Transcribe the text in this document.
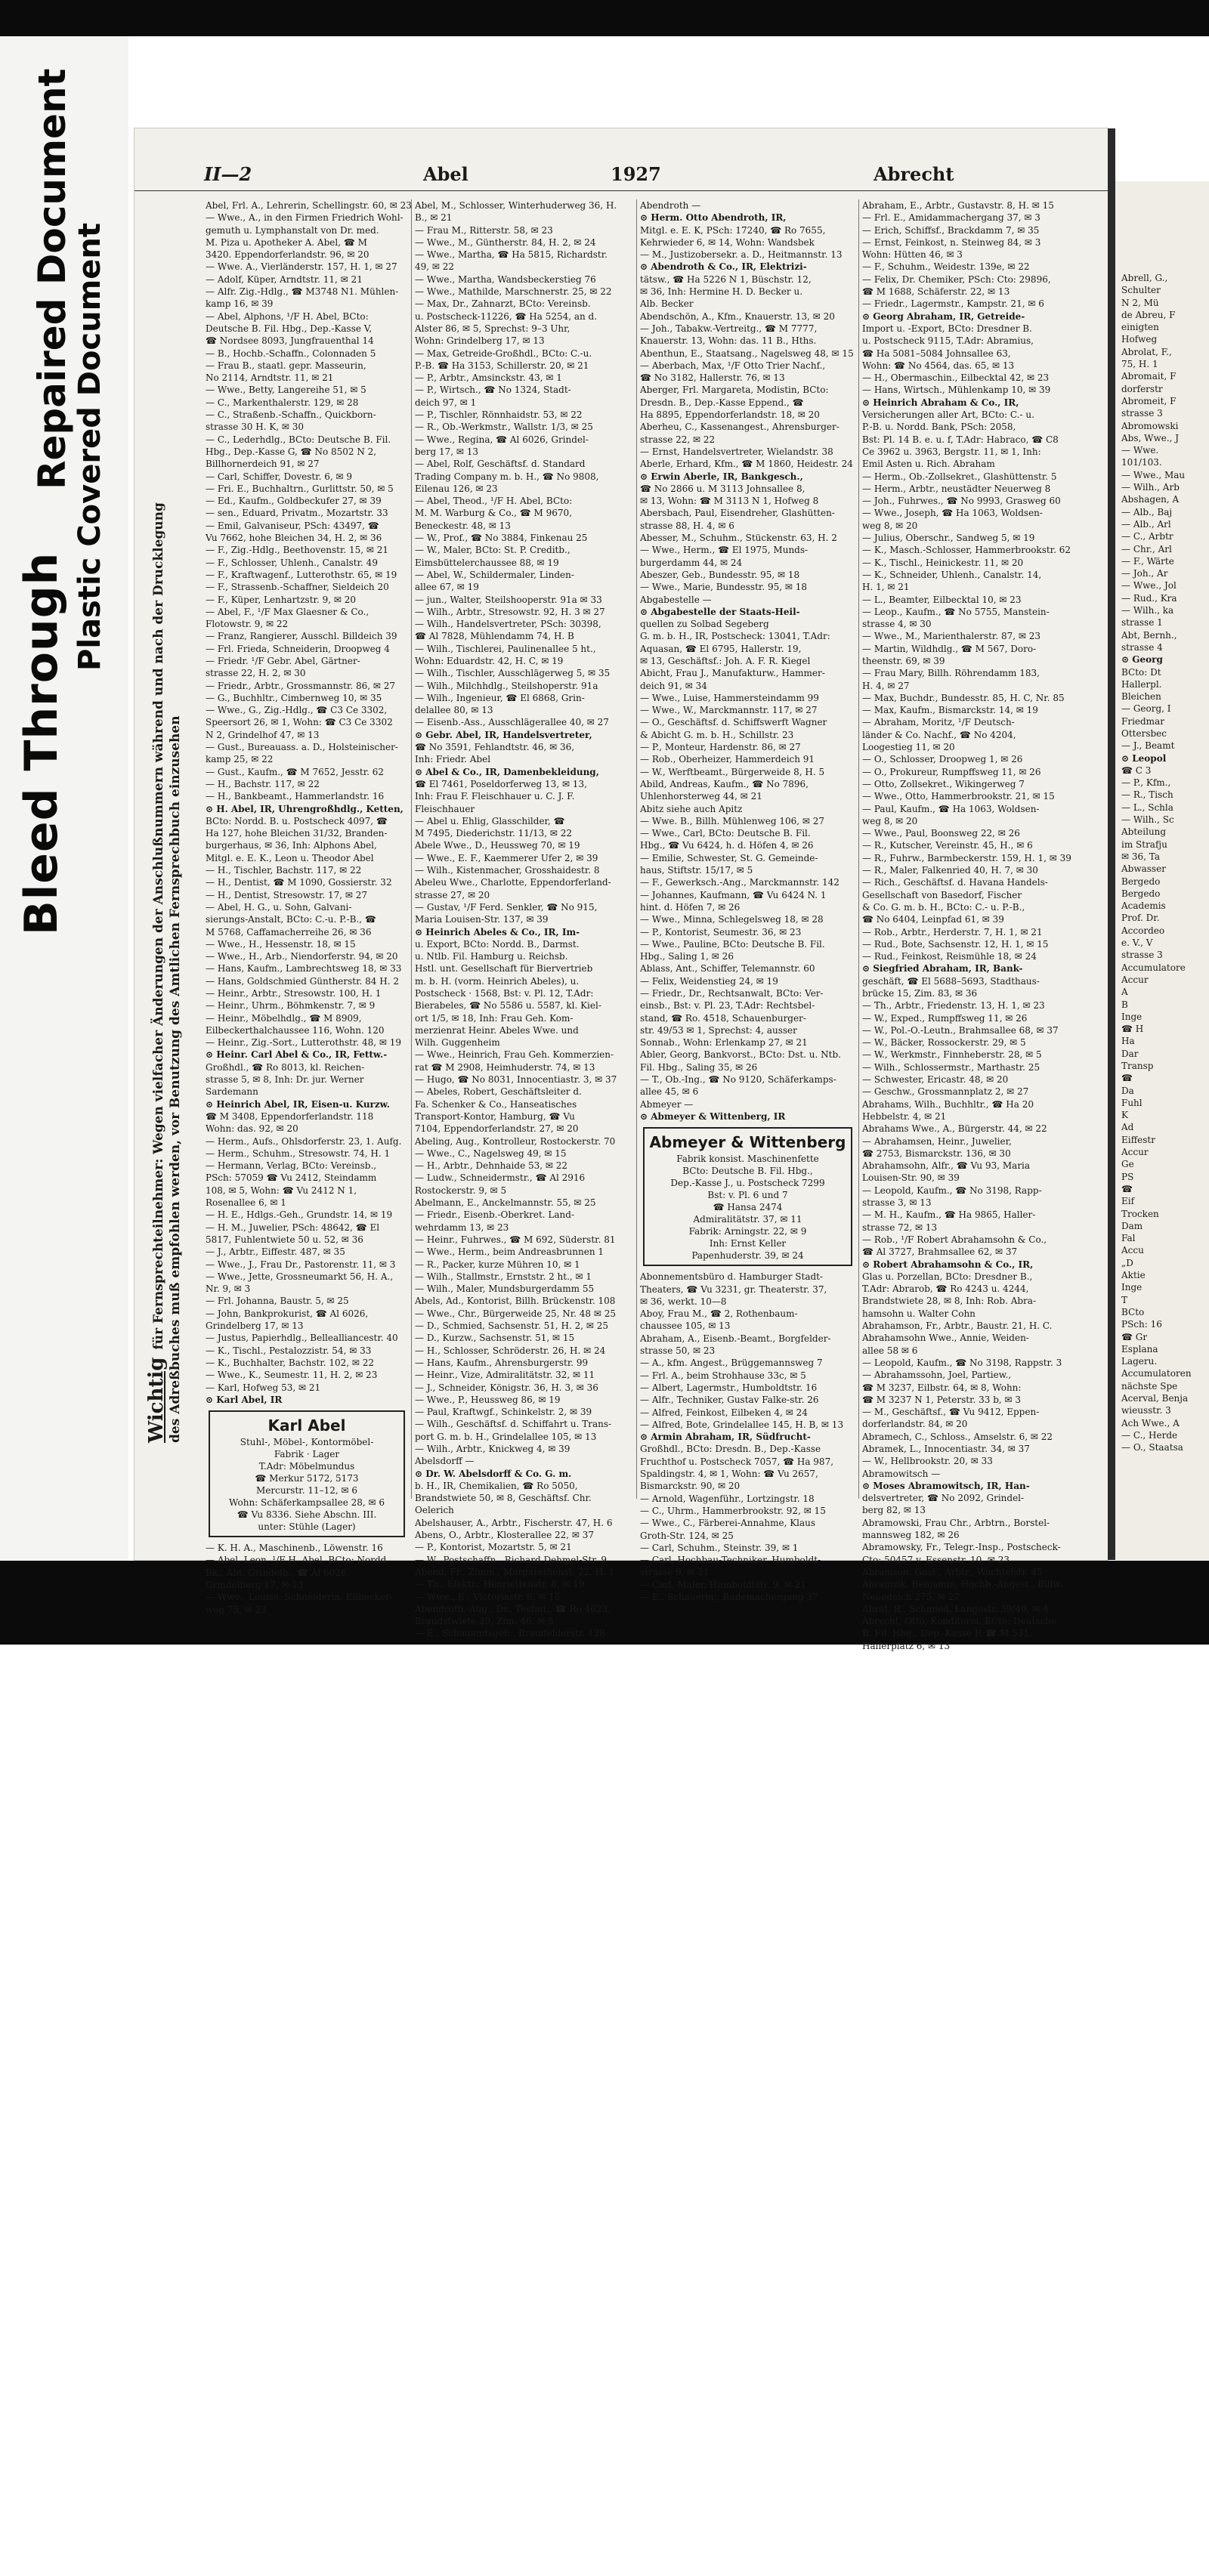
Bleed Through
Repaired Document
Plastic Covered Document
II—2	Abel	1927	Abrecht
Wichtigfür Fernsprechteilnehmer: Wegen vielfacher Änderungen der Anschlußnummern während und nach der Drucklegung des Adreßbuches muß empfohlen werden, vor Benutzung des Amtlichen Fernsprechbuch einzusehen
Abel, Frl. A., Lehrerin, Schellingstr. 60, ✉ 23
— Wwe., A., in den Firmen Friedrich Wohl-
gemuth u. Lymphanstalt von Dr. med.
M. Piza u. Apotheker A. Abel, ☎ M
3420. Eppendorferlandstr. 96, ✉ 20
— Wwe. A., Vierländerstr. 157, H. 1, ✉ 27
— Adolf, Küper, Arndtstr. 11, ✉ 21
— Alfr. Zig.-Hdlg., ☎ M3748 N1. Mühlen-
kamp 16, ✉ 39
— Abel, Alphons, ¹/F H. Abel, BCto:
Deutsche B. Fil. Hbg., Dep.-Kasse V,
☎ Nordsee 8093, Jungfrauenthal 14
— B., Hochb.-Schaffn., Colonnaden 5
— Frau B., staatl. gepr. Masseurin,
No 2114, Arndtstr. 11, ✉ 21
— Wwe., Betty, Langereihe 51, ✉ 5
— C., Markenthalerstr. 129, ✉ 28
— C., Straßenb.-Schaffn., Quickborn-
strasse 30 H. K, ✉ 30
— C., Lederhdlg., BCto: Deutsche B. Fil.
Hbg., Dep.-Kasse G, ☎ No 8502 N 2,
Billhornerdeich 91, ✉ 27
— Carl, Schiffer, Dovestr. 6, ✉ 9
— Fri. E., Buchhaltrn., Gurlittstr. 50, ✉ 5
— Ed., Kaufm., Goldbeckufer 27, ✉ 39
— sen., Eduard, Privatm., Mozartstr. 33
— Emil, Galvaniseur, PSch: 43497, ☎
Vu 7662, hohe Bleichen 34, H. 2, ✉ 36
— F., Zig.-Hdlg., Beethovenstr. 15, ✉ 21
— F., Schlosser, Uhlenh., Canalstr. 49
— F., Kraftwagenf., Lutterothstr. 65, ✉ 19
— F., Strassenb.-Schaffner, Sieldeich 20
— F., Küper, Lenhartzstr. 9, ✉ 20
— Abel, F., ¹/F Max Glaesner & Co.,
Flotowstr. 9, ✉ 22
— Franz, Rangierer, Ausschl. Billdeich 39
— Frl. Frieda, Schneiderin, Droopweg 4
— Friedr. ¹/F Gebr. Abel, Gärtner-
strasse 22, H. 2, ✉ 30
— Friedr., Arbtr., Grossmannstr. 86, ✉ 27
— G., Buchhltr., Cimbernweg 10, ✉ 35
— Wwe., G., Zig.-Hdlg., ☎ C3 Ce 3302,
Speersort 26, ✉ 1, Wohn: ☎ C3 Ce 3302
N 2, Grindelhof 47, ✉ 13
— Gust., Bureauass. a. D., Holsteinischer-
kamp 25, ✉ 22
— Gust., Kaufm., ☎ M 7652, Jesstr. 62
— H., Bachstr. 117, ✉ 22
— H., Bankbeamt., Hammerlandstr. 16
⊙ H. Abel, IR, Uhrengroßhdlg., Ketten,
BCto: Nordd. B. u. Postscheck 4097, ☎
Ha 127, hohe Bleichen 31/32, Branden-
burgerhaus, ✉ 36, Inh: Alphons Abel,
Mitgl. e. E. K., Leon u. Theodor Abel
— H., Tischler, Bachstr. 117, ✉ 22
— H., Dentist, ☎ M 1090, Gossierstr. 32
— H., Dentist, Stresowstr. 17, ✉ 27
— Abel, H. G., u. Sohn, Galvani-
sierungs-Anstalt, BCto: C.-u. P.-B., ☎
M 5768, Caffamacherreihe 26, ✉ 36
— Wwe., H., Hessenstr. 18, ✉ 15
— Wwe., H., Arb., Niendorferstr. 94, ✉ 20
— Hans, Kaufm., Lambrechtsweg 18, ✉ 33
— Hans, Goldschmied Güntherstr. 84 H. 2
— Heinr., Arbtr., Stresowstr. 100, H. 1
— Heinr., Uhrm., Böhmkenstr. 7, ✉ 9
— Heinr., Möbelhdlg., ☎ M 8909,
Eilbeckerthalchaussee 116, Wohn. 120
— Heinr., Zig.-Sort., Lutterothstr. 48, ✉ 19
⊙ Heinr. Carl Abel & Co., IR, Fettw.-
Großhdl., ☎ Ro 8013, kl. Reichen-
strasse 5, ✉ 8, Inh: Dr. jur. Werner
Sardemann
⊙ Heinrich Abel, IR, Eisen-u. Kurzw.
☎ M 3408, Eppendorferlandstr. 118
Wohn: das. 92, ✉ 20
— Herm., Aufs., Ohlsdorferstr. 23, 1. Aufg.
— Herm., Schuhm., Stresowstr. 74, H. 1
— Hermann, Verlag, BCto: Vereinsb.,
PSch: 57059 ☎ Vu 2412, Steindamm
108, ✉ 5, Wohn: ☎ Vu 2412 N 1,
Rosenallee 6, ✉ 1
— H. E., Hdlgs.-Geh., Grundstr. 14, ✉ 19
— H. M., Juwelier, PSch: 48642, ☎ El
5817, Fuhlentwiete 50 u. 52, ✉ 36
— J., Arbtr., Eiffestr. 487, ✉ 35
— Wwe., J., Frau Dr., Pastorenstr. 11, ✉ 3
— Wwe., Jette, Grossneumarkt 56, H. A.,
Nr. 9, ✉ 3
— Frl. Johanna, Baustr. 5, ✉ 25
— John, Bankprokurist, ☎ Al 6026,
Grindelberg 17, ✉ 13
— Justus, Papierhdlg., Bellealliancestr. 40
— K., Tischl., Pestalozzistr. 54, ✉ 33
— K., Buchhalter, Bachstr. 102, ✉ 22
— Wwe., K., Seumestr. 11, H. 2, ✉ 23
— Karl, Hofweg 53, ✉ 21
⊙ Karl Abel, IR
Karl Abel
Stuhl-, Möbel-, Kontormöbel-
Fabrik · Lager
T.Adr: Möbelmundus
☎ Merkur 5172, 5173
Mercurstr. 11–12, ✉ 6
Wohn: Schäferkampsallee 28, ✉ 6
☎ Vu 8336. Siehe Abschn. III.
unter: Stühle (Lager)
— K. H. A., Maschinenb., Löwenstr. 16
— Abel, Leon, ¹/F H. Abel, BCto: Nordd.
Bk., Abt. Grindelb., ☎ Al 6026,
Grindelberg 17, ✉ 13
— Wwe., Louise, Schneiderin, Eilbecker-
weg 75, ✉ 23
Abel, M., Schlosser, Winterhuderweg 36, H.
B., ✉ 21
— Frau M., Ritterstr. 58, ✉ 23
— Wwe., M., Güntherstr. 84, H. 2, ✉ 24
— Wwe., Martha, ☎ Ha 5815, Richardstr.
49, ✉ 22
— Wwe., Martha, Wandsbeckerstieg 76
— Wwe., Mathilde, Marschnerstr. 25, ✉ 22
— Max, Dr., Zahnarzt, BCto: Vereinsb.
u. Postscheck-11226, ☎ Ha 5254, an d.
Alster 86, ✉ 5, Sprechst: 9–3 Uhr,
Wohn: Grindelberg 17, ✉ 13
— Max, Getreide-Großhdl., BCto: C.-u.
P.-B. ☎ Ha 3153, Schillerstr. 20, ✉ 21
— P., Arbtr., Amsinckstr. 43, ✉ 1
— P., Wirtsch., ☎ No 1324, Stadt-
deich 97, ✉ 1
— P., Tischler, Rönnhaidstr. 53, ✉ 22
— R., Ob.-Werkmstr., Wallstr. 1/3, ✉ 25
— Wwe., Regina, ☎ Al 6026, Grindel-
berg 17, ✉ 13
— Abel, Rolf, Geschäftsf. d. Standard
Trading Company m. b. H., ☎ No 9808,
Eilenau 126, ✉ 23
— Abel, Theod., ¹/F H. Abel, BCto:
M. M. Warburg & Co., ☎ M 9670,
Beneckestr. 48, ✉ 13
— W., Prof., ☎ No 3884, Finkenau 25
— W., Maler, BCto: St. P. Creditb.,
Eimsbüttelerchaussee 88, ✉ 19
— Abel, W., Schildermaler, Linden-
allee 67, ✉ 19
— jun., Walter, Steilshooperstr. 91a ✉ 33
— Wilh., Arbtr., Stresowstr. 92, H. 3 ✉ 27
— Wilh., Handelsvertreter, PSch: 30398,
☎ Al 7828, Mühlendamm 74, H. B
— Wilh., Tischlerei, Paulinenallee 5 ht.,
Wohn: Eduardstr. 42, H. C, ✉ 19
— Wilh., Tischler, Ausschlägerweg 5, ✉ 35
— Wilh., Milchhdlg., Steilshoperstr. 91a
— Wilh., Ingenieur, ☎ El 6868, Grin-
delallee 80, ✉ 13
— Eisenb.-Ass., Ausschlägerallee 40, ✉ 27
⊙ Gebr. Abel, IR, Handelsvertreter,
☎ No 3591, Fehlandtstr. 46, ✉ 36,
Inh: Friedr. Abel
⊙ Abel & Co., IR, Damenbekleidung,
☎ El 7461, Poseldorferweg 13, ✉ 13,
Inh: Frau F. Fleischhauer u. C. J. F.
Fleischhauer
— Abel u. Ehlig, Glasschilder, ☎
M 7495, Diederichstr. 11/13, ✉ 22
Abele Wwe., D., Heussweg 70, ✉ 19
— Wwe., E. F., Kaemmerer Ufer 2, ✉ 39
— Wilh., Kistenmacher, Grosshaidestr. 8
Abeleu Wwe., Charlotte, Eppendorferland-
strasse 27, ✉ 20
— Gustav, ¹/F Ferd. Senkler, ☎ No 915,
Maria Louisen-Str. 137, ✉ 39
⊙ Heinrich Abeles & Co., IR, Im-
u. Export, BCto: Nordd. B., Darmst.
u. Ntlb. Fil. Hamburg u. Reichsb.
Hstl. unt. Gesellschaft für Biervertrieb
m. b. H. (vorm. Heinrich Abeles), u.
Postscheck · 1568, Bst: v. Pl. 12, T.Adr:
Bierabeles, ☎ No 5586 u. 5587, kl. Kiel-
ort 1/5, ✉ 18, Inh: Frau Geh. Kom-
merzienrat Heinr. Abeles Wwe. und
Wilh. Guggenheim
— Wwe., Heinrich, Frau Geh. Kommerzien-
rat ☎ M 2908, Heimhuderstr. 74, ✉ 13
— Hugo, ☎ No 8031, Innocentiastr. 3, ✉ 37
— Abeles, Robert, Geschäftsleiter d.
Fa. Schenker & Co., Hanseatisches
Transport-Kontor, Hamburg, ☎ Vu
7104, Eppendorferlandstr. 27, ✉ 20
Abeling, Aug., Kontrolleur, Rostockerstr. 70
— Wwe., C., Nagelsweg 49, ✉ 15
— H., Arbtr., Dehnhaide 53, ✉ 22
— Ludw., Schneidermstr., ☎ Al 2916
Rostockerstr. 9, ✉ 5
Abelmann, E., Anckelmannstr. 55, ✉ 25
— Friedr., Eisenb.-Oberkret. Land-
wehrdamm 13, ✉ 23
— Heinr., Fuhrwes., ☎ M 692, Süderstr. 81
— Wwe., Herm., beim Andreasbrunnen 1
— R., Packer, kurze Mühren 10, ✉ 1
— Wilh., Stallmstr., Ernststr. 2 ht., ✉ 1
— Wilh., Maler, Mundsburgerdamm 55
Abels, Ad., Kontorist, Billh. Brückenstr. 108
— Wwe., Chr., Bürgerweide 25, Nr. 48 ✉ 25
— D., Schmied, Sachsenstr. 51, H. 2, ✉ 25
— D., Kurzw., Sachsenstr. 51, ✉ 15
— H., Schlosser, Schröderstr. 26, H. ✉ 24
— Hans, Kaufm., Ahrensburgerstr. 99
— Heinr., Vize, Admiralitätstr. 32, ✉ 11
— J., Schneider, Königstr. 36, H. 3, ✉ 36
— Wwe., P., Heussweg 86, ✉ 19
— Paul, Kraftwgf., Schinkelstr. 2, ✉ 39
— Wilh., Geschäftsf. d. Schiffahrt u. Trans-
port G. m. b. H., Grindelallee 105, ✉ 13
— Wilh., Arbtr., Knickweg 4, ✉ 39
Abelsdorff —
⊙ Dr. W. Abelsdorff & Co. G. m.
b. H., IR, Chemikalien, ☎ Ro 5050,
Brandstwiete 50, ✉ 8, Geschäftsf. Chr.
Oelerich
Abelshauser, A., Arbtr., Fischerstr. 47, H. 6
Abens, O., Arbtr., Klosterallee 22, ✉ 37
— P., Kontorist, Mozartstr. 5, ✉ 21
— W., Postschaffn., Richard Dehmel-Str. 9
Abend, Fr., Zimm., Margarethenst. 22, H. 1
— Th., Elektr., Henriettenstr. 8, ✉ 19
— Wwe., E., Victoriastr. 6, ✉ 15
Abendroth, Aug., Dr., Testmt., ☎ Ro 4623,
Brandstwiete 29, Zim. 46, ✉ 8
— E., Schauamtsgeh., Bramfelderstr. 128
Abendroth —
⊙ Herm. Otto Abendroth, IR,
Mitgl. e. E. K, PSch: 17240, ☎ Ro 7655,
Kehrwieder 6, ✉ 14, Wohn: Wandsbek
— M., Justizobersekr. a. D., Heitmannstr. 13
⊙ Abendroth & Co., IR, Elektrizi-
tätsw., ☎ Ha 5226 N 1, Büschstr. 12,
✉ 36, Inh: Hermine H. D. Becker u.
Alb. Becker
Abendschön, A., Kfm., Knauerstr. 13, ✉ 20
— Joh., Tabakw.-Vertreitg., ☎ M 7777,
Knauerstr. 13, Wohn: das. 11 B., Hths.
Abenthun, E., Staatsang., Nagelsweg 48, ✉ 15
— Aberbach, Max, ¹/F Otto Trier Nachf.,
☎ No 3182, Hallerstr. 76, ✉ 13
Aberger, Frl. Margareta, Modistin, BCto:
Dresdn. B., Dep.-Kasse Eppend., ☎
Ha 8895, Eppendorferlandstr. 18, ✉ 20
Aberheu, C., Kassenangest., Ahrensburger-
strasse 22, ✉ 22
— Ernst, Handelsvertreter, Wielandstr. 38
Aberle, Erhard, Kfm., ☎ M 1860, Heidestr. 24
⊙ Erwin Aberle, IR, Bankgesch.,
☎ No 2866 u. M 3113 Johnsallee 8,
✉ 13, Wohn: ☎ M 3113 N 1, Hofweg 8
Abersbach, Paul, Eisendreher, Glashütten-
strasse 88, H. 4, ✉ 6
Abesser, M., Schuhm., Stückenstr. 63, H. 2
— Wwe., Herm., ☎ El 1975, Munds-
burgerdamm 44, ✉ 24
Abeszer, Geb., Bundesstr. 95, ✉ 18
— Wwe., Marie, Bundesstr. 95, ✉ 18
Abgabestelle —
⊙ Abgabestelle der Staats-Heil-
quellen zu Solbad Segeberg
G. m. b. H., IR, Postscheck: 13041, T.Adr:
Aquasan, ☎ El 6795, Hallerstr. 19,
✉ 13, Geschäftsf.: Joh. A. F. R. Kiegel
Abicht, Frau J., Manufakturw., Hammer-
deich 91, ✉ 34
— Wwe., Luise, Hammersteindamm 99
— Wwe., W., Marckmannstr. 117, ✉ 27
— O., Geschäftsf. d. Schiffswerft Wagner
& Abicht G. m. b. H., Schillstr. 23
— P., Monteur, Hardenstr. 86, ✉ 27
— Rob., Oberheizer, Hammerdeich 91
— W., Werftbeamt., Bürgerweide 8, H. 5
Abild, Andreas, Kaufm., ☎ No 7896,
Uhlenhorsterweg 44, ✉ 21
Abitz siehe auch Apitz
— Wwe. B., Billh. Mühlenweg 106, ✉ 27
— Wwe., Carl, BCto: Deutsche B. Fil.
Hbg., ☎ Vu 6424, h. d. Höfen 4, ✉ 26
— Emilie, Schwester, St. G. Gemeinde-
haus, Stiftstr. 15/17, ✉ 5
— F., Gewerksch.-Ang., Marckmannstr. 142
— Johannes, Kaufmann, ☎ Vu 6424 N. 1
hint. d. Höfen 7, ✉ 26
— Wwe., Minna, Schlegelsweg 18, ✉ 28
— P., Kontorist, Seumestr. 36, ✉ 23
— Wwe., Pauline, BCto: Deutsche B. Fil.
Hbg., Saling 1, ✉ 26
Ablass, Ant., Schiffer, Telemannstr. 60
— Felix, Weidenstieg 24, ✉ 19
— Friedr., Dr., Rechtsanwalt, BCto: Ver-
einsb., Bst: v. Pl. 23, T.Adr: Rechtsbel-
stand, ☎ Ro. 4518, Schauenburger-
str. 49/53 ✉ 1, Sprechst: 4, ausser
Sonnab., Wohn: Erlenkamp 27, ✉ 21
Abler, Georg, Bankvorst., BCto: Dst. u. Ntb.
Fil. Hbg., Saling 35, ✉ 26
— T., Ob.-Ing., ☎ No 9120, Schäferkamps-
allee 45, ✉ 6
Abmeyer —
⊙ Abmeyer & Wittenberg, IR
Abmeyer & Wittenberg
Fabrik konsist. Maschinenfette
BCto: Deutsche B. Fil. Hbg.,
Dep.-Kasse J., u. Postscheck 7299
Bst: v. Pl. 6 und 7
☎ Hansa 2474
Admiralitätstr. 37, ✉ 11
Fabrik: Arningstr. 22, ✉ 9
Inh: Ernst Keller
Papenhuderstr. 39, ✉ 24
Abonnementsbüro d. Hamburger Stadt-
Theaters, ☎ Vu 3231, gr. Theaterstr. 37,
✉ 36, werkt. 10—8
Aboy, Frau M., ☎ 2, Rothenbaum-
chaussee 105, ✉ 13
Abraham, A., Eisenb.-Beamt., Borgfelder-
strasse 50, ✉ 23
— A., kfm. Angest., Brüggemannsweg 7
— Frl. A., beim Strohhause 33c, ✉ 5
— Albert, Lagermstr., Humboldtstr. 16
— Alfr., Techniker, Gustav Falke-str. 26
— Alfred, Feinkost, Eilbeken 4, ✉ 24
— Alfred, Bote, Grindelallee 145, H. B, ✉ 13
⊙ Armin Abraham, IR, Südfrucht-
Großhdl., BCto: Dresdn. B., Dep.-Kasse
Fruchthof u. Postscheck 7057, ☎ Ha 987,
Spaldingstr. 4, ✉ 1, Wohn: ☎ Vu 2657,
Bismarckstr. 90, ✉ 20
— Arnold, Wagenführ., Lortzingstr. 18
— C., Uhrm., Hammerbrookstr. 92, ✉ 15
— Wwe., C., Färberei-Annahme, Klaus
Groth-Str. 124, ✉ 25
— Carl, Schuhm., Steinstr. 39, ✉ 1
— Carl, Hochbau-Techniker, Humboldt-
strasse 9, ✉ 21
— Carl, Maler, Humboldtstr. 9, ✉ 21
— E., Schauerm., Rademachergang 37
Abraham, E., Arbtr., Gustavstr. 8, H. ✉ 15
— Frl. E., Amidammachergang 37, ✉ 3
— Erich, Schiffsf., Brackdamm 7, ✉ 35
— Ernst, Feinkost, n. Steinweg 84, ✉ 3
Wohn: Hütten 46, ✉ 3
— F., Schuhm., Weidestr. 139e, ✉ 22
— Felix, Dr. Chemiker, PSch: Cto: 29896,
☎ M 1688, Schäferstr. 22, ✉ 13
— Friedr., Lagermstr., Kampstr. 21, ✉ 6
⊙ Georg Abraham, IR, Getreide-
Import u. -Export, BCto: Dresdner B.
u. Postscheck 9115, T.Adr: Abramius,
☎ Ha 5081–5084 Johnsallee 63,
Wohn: ☎ No 4564, das. 65, ✉ 13
— H., Obermaschin., Eilbecktal 42, ✉ 23
— Hans, Wirtsch., Mühlenkamp 10, ✉ 39
⊙ Heinrich Abraham & Co., IR,
Versicherungen aller Art, BCto: C.- u.
P.-B. u. Nordd. Bank, PSch: 2058,
Bst: Pl. 14 B. e. u. f, T.Adr: Habraco, ☎ C8
Ce 3962 u. 3963, Bergstr. 11, ✉ 1, Inh:
Emil Asten u. Rich. Abraham
— Herm., Ob.-Zollsekret., Glashüttenstr. 5
— Herm., Arbtr., neustädter Neuerweg 8
— Joh., Fuhrwes., ☎ No 9993, Grasweg 60
— Wwe., Joseph, ☎ Ha 1063, Woldsen-
weg 8, ✉ 20
— Julius, Oberschr., Sandweg 5, ✉ 19
— K., Masch.-Schlosser, Hammerbrookstr. 62
— K., Tischl., Heinickestr. 11, ✉ 20
— K., Schneider, Uhlenh., Canalstr. 14,
H. 1, ✉ 21
— L., Beamter, Eilbecktal 10, ✉ 23
— Leop., Kaufm., ☎ No 5755, Manstein-
strasse 4, ✉ 30
— Wwe., M., Marienthalerstr. 87, ✉ 23
— Martin, Wildhdlg., ☎ M 567, Doro-
theenstr. 69, ✉ 39
— Frau Mary, Billh. Röhrendamm 183,
H. 4, ✉ 27
— Max, Buchdr., Bundesstr. 85, H. C, Nr. 85
— Max, Kaufm., Bismarckstr. 14, ✉ 19
— Abraham, Moritz, ¹/F Deutsch-
länder & Co. Nachf., ☎ No 4204,
Loogestieg 11, ✉ 20
— O., Schlosser, Droopweg 1, ✉ 26
— O., Prokureur, Rumpffsweg 11, ✉ 26
— Otto, Zollsekret., Wikingerweg 7
— Wwe., Otto, Hammerbrookstr. 21, ✉ 15
— Paul, Kaufm., ☎ Ha 1063, Woldsen-
weg 8, ✉ 20
— Wwe., Paul, Boonsweg 22, ✉ 26
— R., Kutscher, Vereinstr. 45, H., ✉ 6
— R., Fuhrw., Barmbeckerstr. 159, H. 1, ✉ 39
— R., Maler, Falkenried 40, H. 7, ✉ 30
— Rich., Geschäftsf. d. Havana Handels-
Gesellschaft von Basedorf, Fischer
& Co. G. m. b. H., BCto: C.- u. P.-B.,
☎ No 6404, Leinpfad 61, ✉ 39
— Rob., Arbtr., Herderstr. 7, H. 1, ✉ 21
— Rud., Bote, Sachsenstr. 12, H. 1, ✉ 15
— Rud., Feinkost, Reismühle 18, ✉ 24
⊙ Siegfried Abraham, IR, Bank-
geschäft, ☎ El 5688–5693, Stadthaus-
brücke 15, Zim. 83, ✉ 36
— Th., Arbtr., Friedenstr. 13, H. 1, ✉ 23
— W., Exped., Rumpffsweg 11, ✉ 26
— W., Pol.-O.-Leutn., Brahmsallee 68, ✉ 37
— W., Bäcker, Rossockerstr. 29, ✉ 5
— W., Werkmstr., Finnheberstr. 28, ✉ 5
— Wilh., Schlossermstr., Marthastr. 25
— Schwester, Ericastr. 48, ✉ 20
— Geschw., Grossmannplatz 2, ✉ 27
Abrahams, Wilh., Buchhltr., ☎ Ha 20
Hebbelstr. 4, ✉ 21
Abrahams Wwe., A., Bürgerstr. 44, ✉ 22
— Abrahamsen, Heinr., Juwelier,
☎ 2753, Bismarckstr. 136, ✉ 30
Abrahamsohn, Alfr., ☎ Vu 93, Maria
Louisen-Str. 90, ✉ 39
— Leopold, Kaufm., ☎ No 3198, Rapp-
strasse 3, ✉ 13
— M. H., Kaufm., ☎ Ha 9865, Haller-
strasse 72, ✉ 13
— Rob., ¹/F Robert Abrahamsohn & Co.,
☎ Al 3727, Brahmsallee 62, ✉ 37
⊙ Robert Abrahamsohn & Co., IR,
Glas u. Porzellan, BCto: Dresdner B.,
T.Adr: Abrarob, ☎ Ro 4243 u. 4244,
Brandstwiete 28, ✉ 8, Inh: Rob. Abra-
hamsohn u. Walter Cohn
Abrahamson, Fr., Arbtr., Baustr. 21, H. C.
Abrahamsohn Wwe., Annie, Weiden-
allee 58 ✉ 6
— Leopold, Kaufm., ☎ No 3198, Rappstr. 3
— Abrahamssohn, Joel, Partiew.,
☎ M 3237, Eilbstr. 64, ✉ 8, Wohn:
☎ M 3237 N 1, Peterstr. 33 b, ✉ 3
— M., Geschäftsf., ☎ Vu 9412, Eppen-
dorferlandstr. 84, ✉ 20
Abramech, C., Schloss., Amselstr. 6, ✉ 22
Abramek, L., Innocentiastr. 34, ✉ 37
— W., Hellbrookstr. 20, ✉ 33
Abramowitsch —
⊙ Moses Abramowitsch, IR, Han-
delsvertreter, ☎ No 2092, Grindel-
berg 82, ✉ 13
Abramowski, Frau Chr., Arbtrn., Borstel-
mannsweg 182, ✉ 26
Abramowsky, Fr., Telegr.-Insp., Postscheck-
Cto: 50457 v. Essenstr. 10, ✉ 23
Abramson, Gust., Arbtr., Wachtelstr. 45
Abramzik, Benjamin, Hochb.-Angest., Billw.
Neuedeich 275, ✉ 27
Abrat, R., Schmied, Langestr. 39/40, ✉ 4
Abrecht, Otto, Konditorei, BCto: Deutsche
B. Fil. Hbg., Dep.-Kasse F, ☎ M 531,
Hallerplatz 6, ✉ 13
Abrell, G.,
Schulter
N 2, Mü
de Abreu, F
einigten
Hofweg
Abrolat, F.,
75, H. 1
Abromait, F
dorferstr
Abromeit, F
strasse 3
Abromowski
Abs, Wwe., J
— Wwe.
101/103.
— Wwe., Mau
— Wilh., Arb
Abshagen, A
— Alb., Baj
— Alb., Arl
— C., Arbtr
— Chr., Arl
— F., Wärte
— Joh., Ar
— Wwe., Jol
— Rud., Kra
— Wilh., ka
strasse 1
Abt, Bernh.,
strasse 4
⊙ Georg
BCto: Dt
Hallerpl.
Bleichen
— Georg, I
Friedmar
Ottersbec
— J., Beamt
⊙ Leopol
☎ C 3
— P., Kfm.,
— R., Tisch
— L., Schla
— Wilh., Sc
Abteilung
im Strafju
✉ 36, Ta
Abwasser
Bergedo
Bergedo
Academis
Prof. Dr.
Accordeo
e. V., V
strasse 3
Accumulatore
Accur
A
B
Inge
☎ H
Ha
Dar
Transp
☎
Da
Fuhl
K
Ad
Eiffestr
Accur
Ge
PS
☎
Eif
Trocken
Dam
Fal
Accu
„D
Aktie
Inge
T
BCto
PSch: 16
☎ Gr
Esplana
Lageru.
Accumulatoren
nächste Spe
Acerval, Benja
wieusstr. 3
Ach Wwe., A
— C., Herde
— O., Staatsa
